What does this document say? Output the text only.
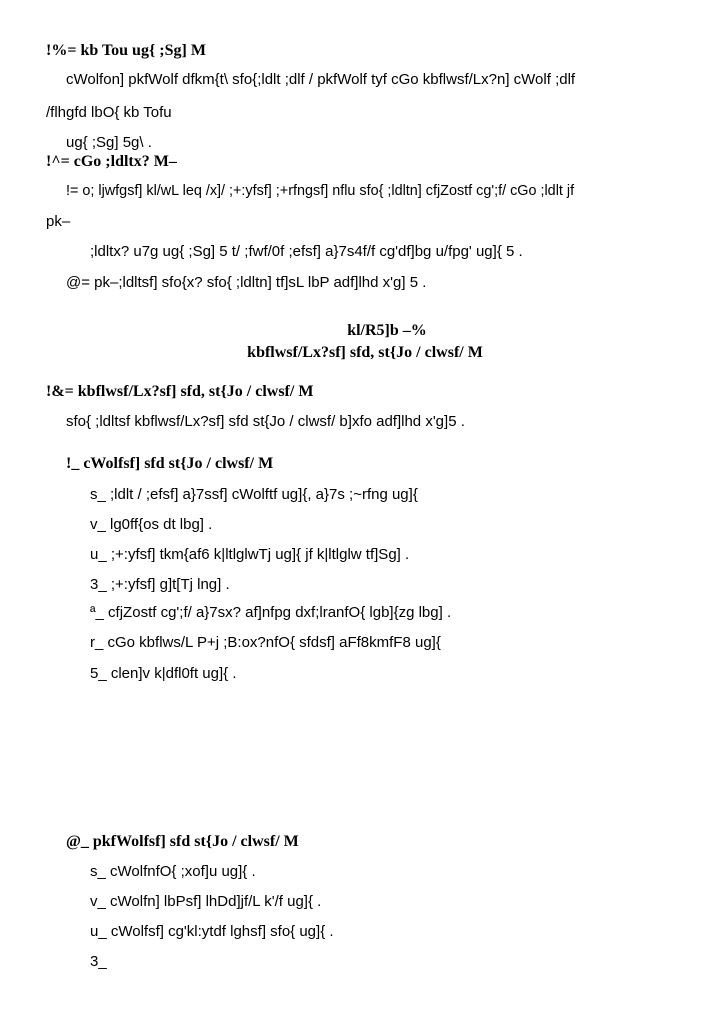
!%= kb Tou ug{ ;Sg] M
cWolfon] pkfWolf dfkm{t\ sfo{;ldlt ;dlf / pkfWolf tyf cGo kbflwsf/Lx?n] cWolf ;dlf
/flhgfd lbO{ kb Tofu
ug{ ;Sg] 5g\ .
!^= cGo ;ldltx? M–
!= o; ljwfgsf] kl/wL leq /x]/ ;+:yfsf] ;+rfngsf] nflu sfo{ ;ldltn] cfjZostf cg';f/ cGo ;ldlt jf
pk–
;ldltx? u7g ug{ ;Sg] 5 t/ ;fwf/0f ;efsf] a}7s4f/f cg'df]bg u/fpg' ug]{ 5 .
@= pk–;ldltsf] sfo{x? sfo{ ;ldltn] tf]sL lbP adf]lhd x'g] 5 .
kl/R5]b –%
kbflwsf/Lx?sf] sfd, st{Jo / clwsf/ M
!&= kbflwsf/Lx?sf] sfd, st{Jo / clwsf/ M
sfo{ ;ldltsf kbflwsf/Lx?sf] sfd st{Jo / clwsf/ b]xfo adf]lhd x'g]5 .
!_ cWolfsf] sfd st{Jo / clwsf/ M
s_ ;ldlt / ;efsf] a}7ssf] cWolftf ug]{, a}7s ;~rfng ug]{
v_ lg0ff{os dt lbg] .
u_ ;+:yfsf] tkm{af6 k|ltlglwTj ug]{ jf k|ltlglw tf]Sg] .
3_ ;+:yfsf] g]t[Tj lng] .
ª_ cfjZostf cg';f/ a}7sx? af]nfpg dxf;lranfO{ lgb]{zg lbg] .
r_ cGo kbflws/L P+j ;B:ox?nfO{ sfdsf] aFf8kmfF8 ug]{
5_ clen]v k|dfl0ft ug]{ .
@_ pkfWolfsf] sfd st{Jo / clwsf/ M
s_ cWolfnfO{ ;xof]u ug]{ .
v_ cWolfn] lbPsf] lhDd]jf/L k'/f ug]{ .
u_ cWolfsf] cg'kl:ytdf lghsf] sfo{ ug]{ .
3_
